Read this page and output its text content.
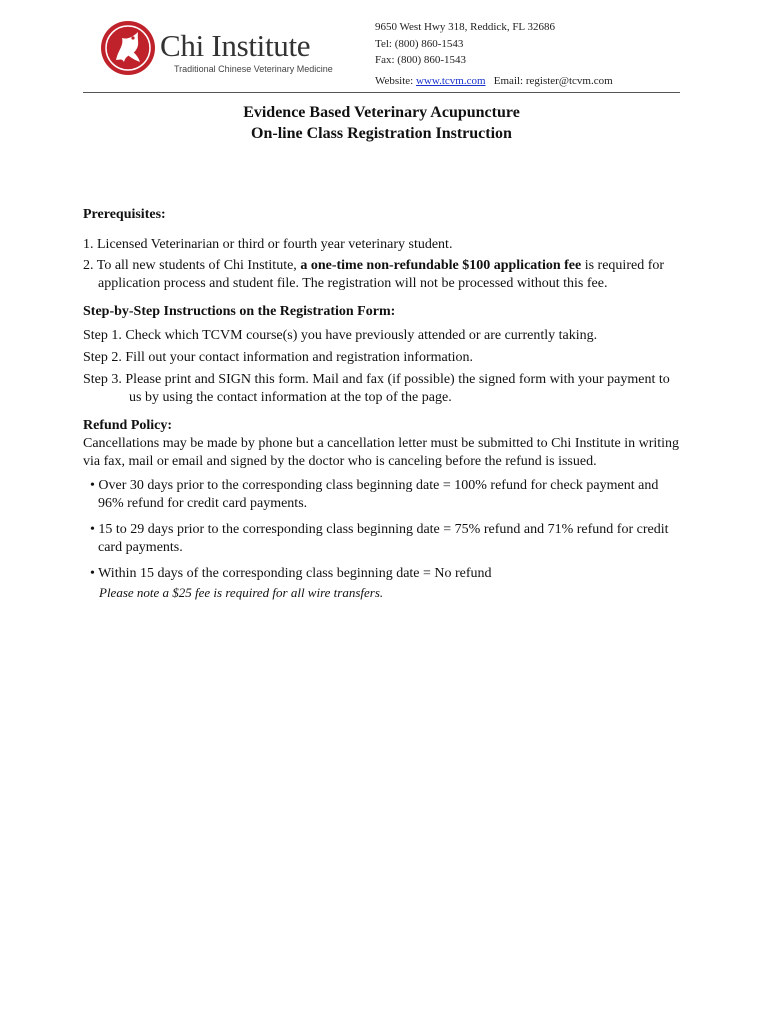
Chi Institute
Traditional Chinese Veterinary Medicine
9650 West Hwy 318, Reddick, FL 32686
Tel: (800) 860-1543
Fax: (800) 860-1543
Website: www.tcvm.com Email: register@tcvm.com
Evidence Based Veterinary Acupuncture
On-line Class Registration Instruction
Prerequisites:
1. Licensed Veterinarian or third or fourth year veterinary student.
2. To all new students of Chi Institute, a one-time non-refundable $100 application fee is required for application process and student file. The registration will not be processed without this fee.
Step-by-Step Instructions on the Registration Form:
Step 1. Check which TCVM course(s) you have previously attended or are currently taking.
Step 2. Fill out your contact information and registration information.
Step 3. Please print and SIGN this form. Mail and fax (if possible) the signed form with your payment to us by using the contact information at the top of the page.
Refund Policy:
Cancellations may be made by phone but a cancellation letter must be submitted to Chi Institute in writing via fax, mail or email and signed by the doctor who is canceling before the refund is issued.
• Over 30 days prior to the corresponding class beginning date = 100% refund for check payment and 96% refund for credit card payments.
• 15 to 29 days prior to the corresponding class beginning date = 75% refund and 71% refund for credit card payments.
• Within 15 days of the corresponding class beginning date = No refund
Please note a $25 fee is required for all wire transfers.
